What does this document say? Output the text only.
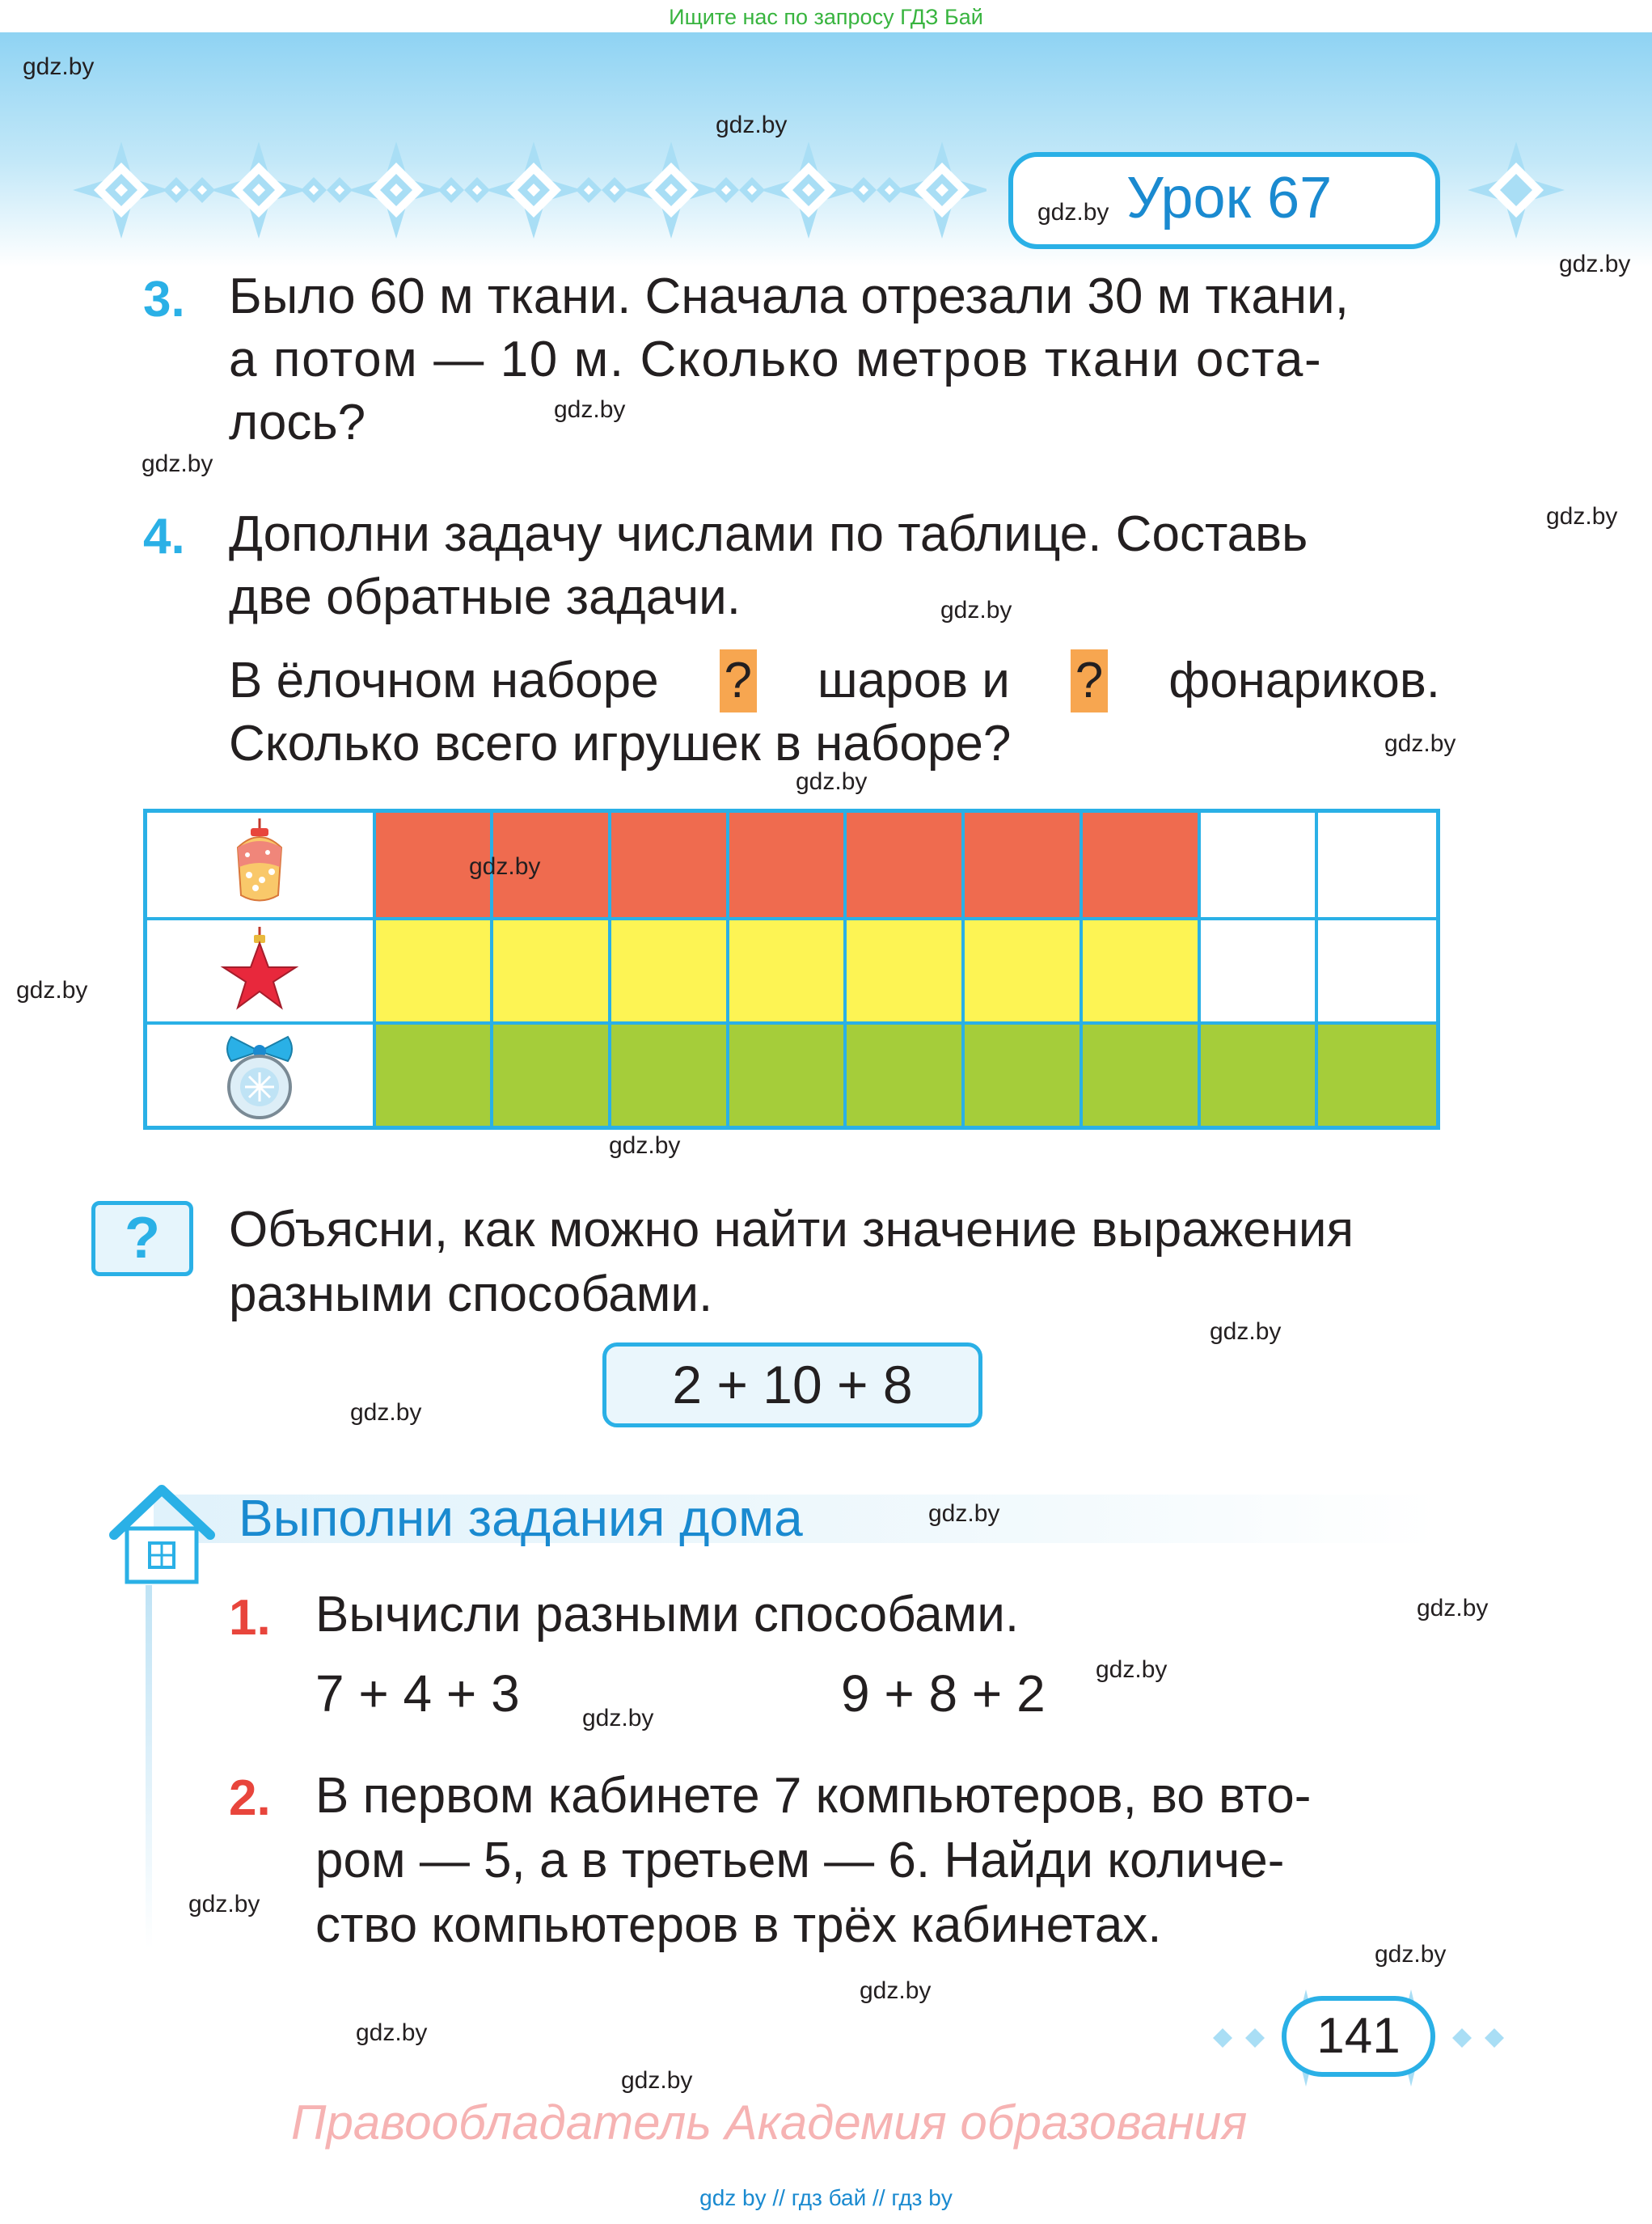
Ищите нас по запросу ГДЗ Бай
gdz.by Урок 67
3. Было 60 м ткани. Сначала отрезали 30 м ткани,
а потом — 10 м. Сколько метров ткани оста-
лось?
4. Дополни задачу числами по таблице. Составь
две обратные задачи.
В ёлочном наборе ? шаров и ? фонариков.
Сколько всего игрушек в наборе?
?	Объясни, как можно найти значение выражения
разными способами.
2 + 10 + 8
Выполни задания дома
1. Вычисли разными способами.
7 + 4 + 3	9 + 8 + 2
2. В первом кабинете 7 компьютеров, во вто-
ром — 5, а в третьем — 6. Найди количе-
ство компьютеров в трёх кабинетах.
141
gdz.by
gdz.by
gdz.by
gdz.by
gdz.by
gdz.by
gdz.by
gdz.by
gdz.by
gdz.by
gdz.by
gdz.by
gdz.by
gdz.by
gdz.by
gdz.by
gdz.by
gdz.by
gdz.by
gdz.by
gdz.by
gdz.by
gdz.by
Правообладатель Академия образования
gdz by // гдз бай // гдз by
